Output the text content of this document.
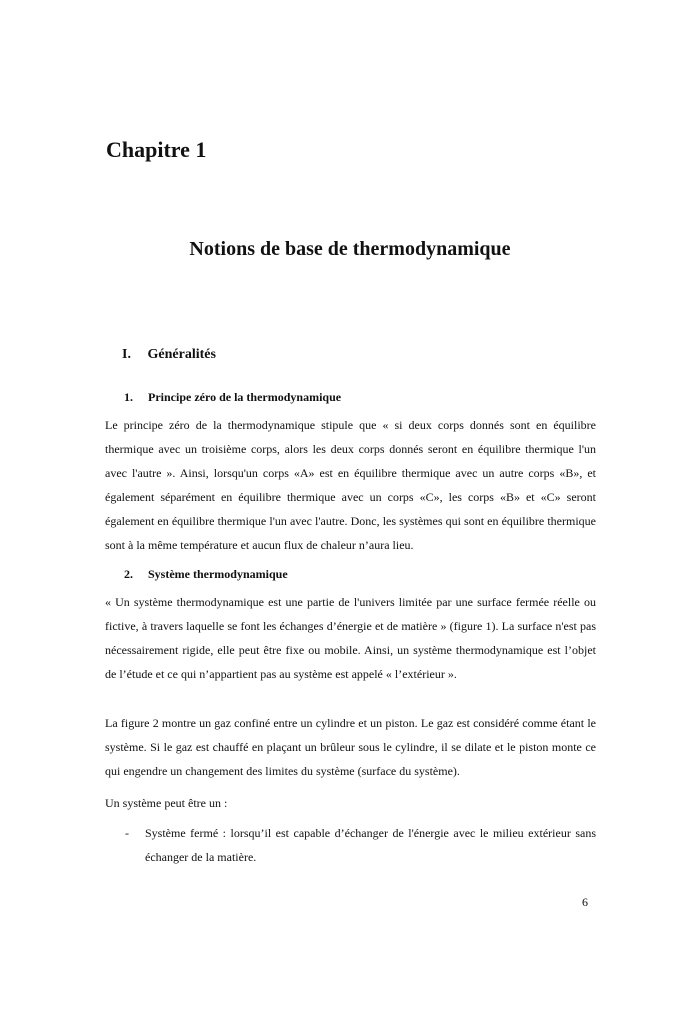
Chapitre 1
Notions de base de thermodynamique
I. Généralités
1. Principe zéro de la thermodynamique
Le principe zéro de la thermodynamique stipule que « si deux corps donnés sont en équilibre thermique avec un troisième corps, alors les deux corps donnés seront en équilibre thermique l'un avec l'autre ». Ainsi, lorsqu'un corps «A» est en équilibre thermique avec un autre corps «B», et également séparément en équilibre thermique avec un corps «C», les corps «B» et «C» seront également en équilibre thermique l'un avec l'autre. Donc, les systèmes qui sont en équilibre thermique sont à la même température et aucun flux de chaleur n’aura lieu.
2. Système thermodynamique
« Un système thermodynamique est une partie de l'univers limitée par une surface fermée réelle ou fictive, à travers laquelle se font les échanges d’énergie et de matière » (figure 1). La surface n'est pas nécessairement rigide, elle peut être fixe ou mobile. Ainsi, un système thermodynamique est l’objet de l’étude et ce qui n’appartient pas au système est appelé « l’extérieur ».
La figure 2 montre un gaz confiné entre un cylindre et un piston. Le gaz est considéré comme étant le système. Si le gaz est chauffé en plaçant un brûleur sous le cylindre, il se dilate et le piston monte ce qui engendre un changement des limites du système (surface du système).
Un système peut être un :
- Système fermé : lorsqu’il est capable d’échanger de l'énergie avec le milieu extérieur sans échanger de la matière.
6
